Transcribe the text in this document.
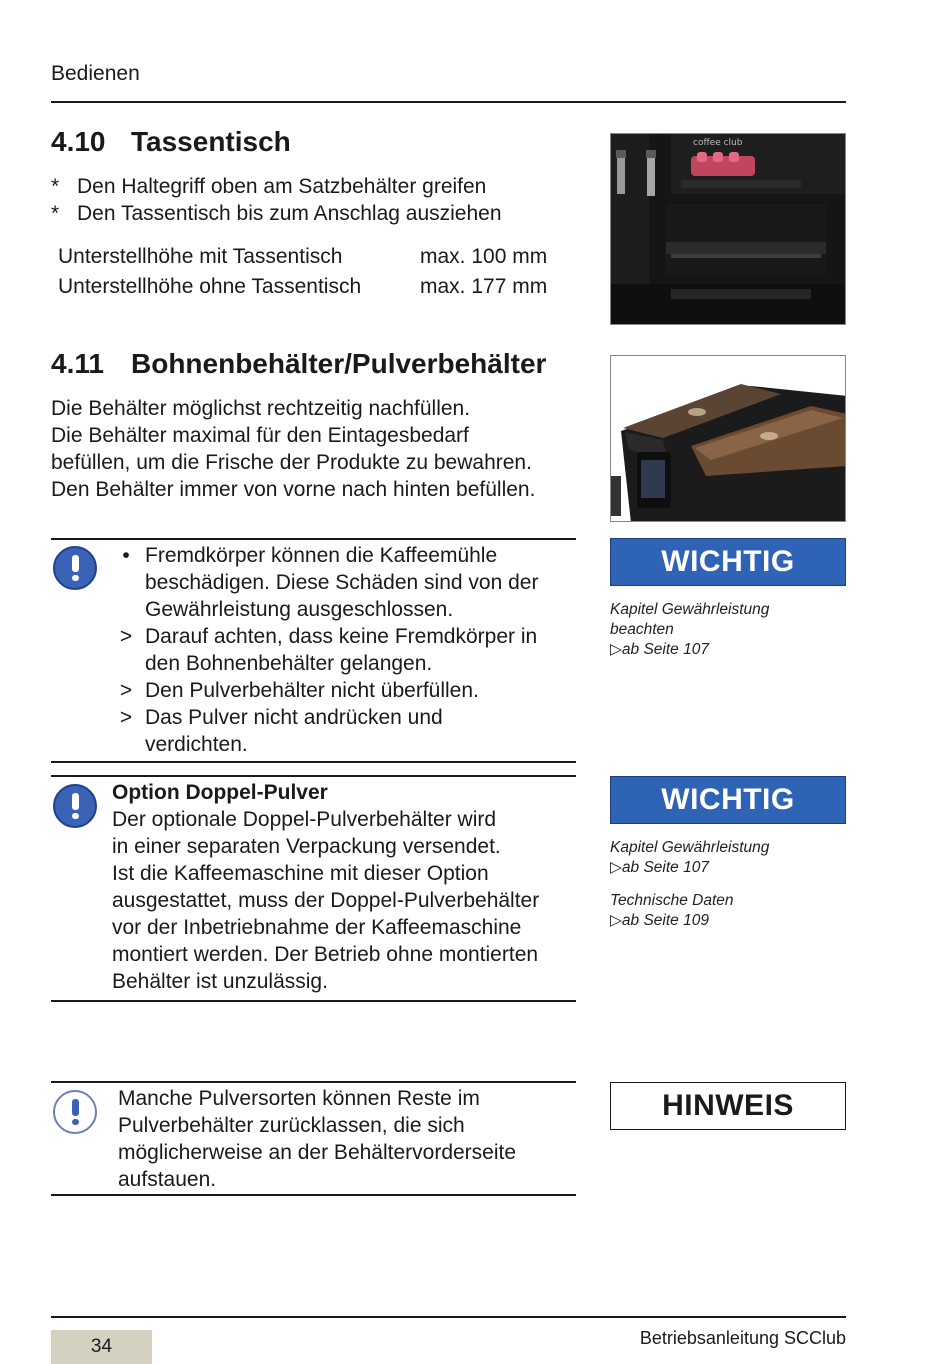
Bedienen
4.10 Tassentisch
* Den Haltegriff oben am Satzbehälter greifen
* Den Tassentisch bis zum Anschlag ausziehen
Unterstellhöhe mit Tassentisch	max. 100 mm
Unterstellhöhe ohne Tassentisch	max. 177 mm
coffee club
4.11 Bohnenbehälter/Pulverbehälter
Die Behälter möglichst rechtzeitig nachfüllen.
Die Behälter maximal für den Eintagesbedarf
befüllen, um die Frische der Produkte zu bewahren.
Den Behälter immer von vorne nach hinten befüllen.
• Fremdkörper können die Kaffeemühle
beschädigen. Diese Schäden sind von der
Gewährleistung ausgeschlossen.
> Darauf achten, dass keine Fremdkörper in
den Bohnenbehälter gelangen.
> Den Pulverbehälter nicht überfüllen.
> Das Pulver nicht andrücken und
verdichten.
WICHTIG
Kapitel Gewährleistung
beachten
▷ab Seite 107
Option Doppel-Pulver
Der optionale Doppel-Pulverbehälter wird
in einer separaten Verpackung versendet.
Ist die Kaffeemaschine mit dieser Option
ausgestattet, muss der Doppel-Pulverbehälter
vor der Inbetriebnahme der Kaffeemaschine
montiert werden. Der Betrieb ohne montierten
Behälter ist unzulässig.
WICHTIG
Kapitel Gewährleistung
▷ab Seite 107
Technische Daten
▷ab Seite 109
Manche Pulversorten können Reste im
Pulverbehälter zurücklassen, die sich
möglicherweise an der Behältervorderseite
aufstauen.
HINWEIS
34	Betriebsanleitung SCClub
